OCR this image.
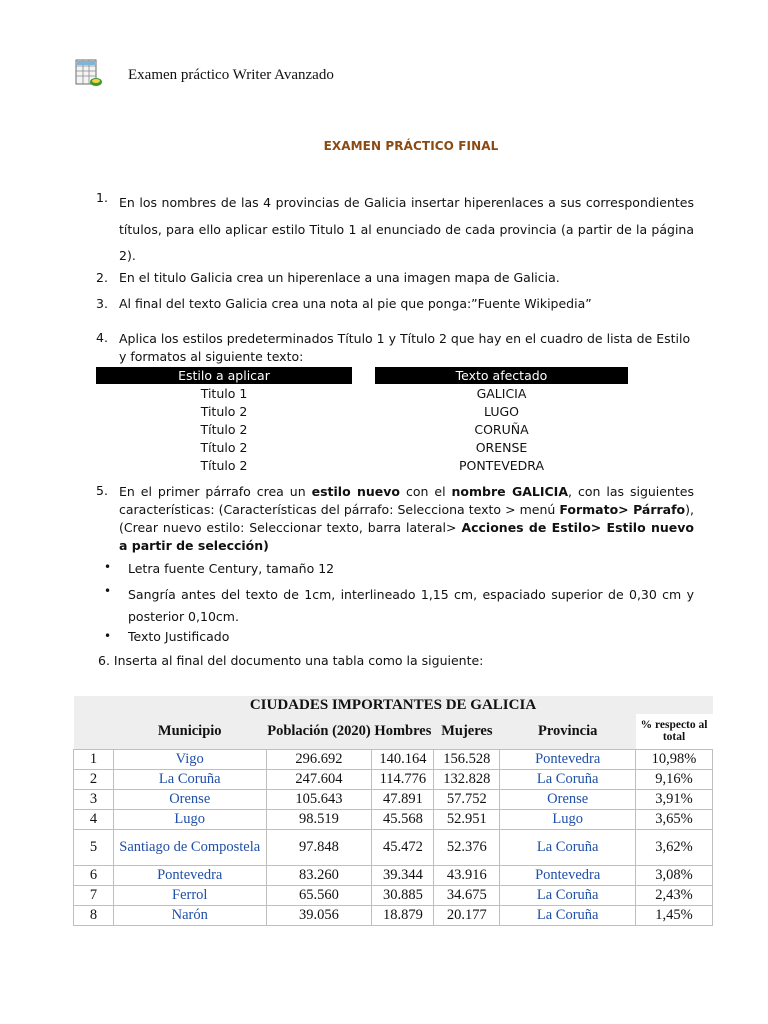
Examen práctico Writer Avanzado
EXAMEN PRÁCTICO FINAL
1. En los nombres de las 4 provincias de Galicia insertar hiperenlaces a sus correspondientes títulos, para ello aplicar estilo Titulo 1 al enunciado de cada provincia (a partir de la página 2).
2. En el titulo Galicia crea un hiperenlace a una imagen mapa de Galicia.
3. Al final del texto Galicia crea una nota al pie que ponga:”Fuente Wikipedia”
4. Aplica los estilos predeterminados Título 1 y Título 2 que hay en el cuadro de lista de Estilo y formatos al siguiente texto:
Estilo a aplicar	Texto afectado
Titulo 1	GALICIA
Titulo 2	LUGO
Título 2	CORUÑA
Título 2	ORENSE
Título 2	PONTEVEDRA
5. En el primer párrafo crea un estilo nuevo con el nombre GALICIA, con las siguientes características: (Características del párrafo: Selecciona texto > menú Formato> Párrafo), (Crear nuevo estilo: Seleccionar texto, barra lateral> Acciones de Estilo> Estilo nuevo a partir de selección)
• Letra fuente Century, tamaño 12
• Sangría antes del texto de 1cm, interlineado 1,15 cm, espaciado superior de 0,30 cm y posterior 0,10cm.
• Texto Justificado
6. Inserta al final del documento una tabla como la siguiente:
CIUDADES IMPORTANTES DE GALICIA						
	Municipio	Población (2020)	Hombres	Mujeres	Provincia	% respecto al total
1	Vigo	296.692	140.164	156.528	Pontevedra	10,98%
2	La Coruña	247.604	114.776	132.828	La Coruña	9,16%
3	Orense	105.643	47.891	57.752	Orense	3,91%
4	Lugo	98.519	45.568	52.951	Lugo	3,65%
5	Santiago de Compostela	97.848	45.472	52.376	La Coruña	3,62%
6	Pontevedra	83.260	39.344	43.916	Pontevedra	3,08%
7	Ferrol	65.560	30.885	34.675	La Coruña	2,43%
8	Narón	39.056	18.879	20.177	La Coruña	1,45%
